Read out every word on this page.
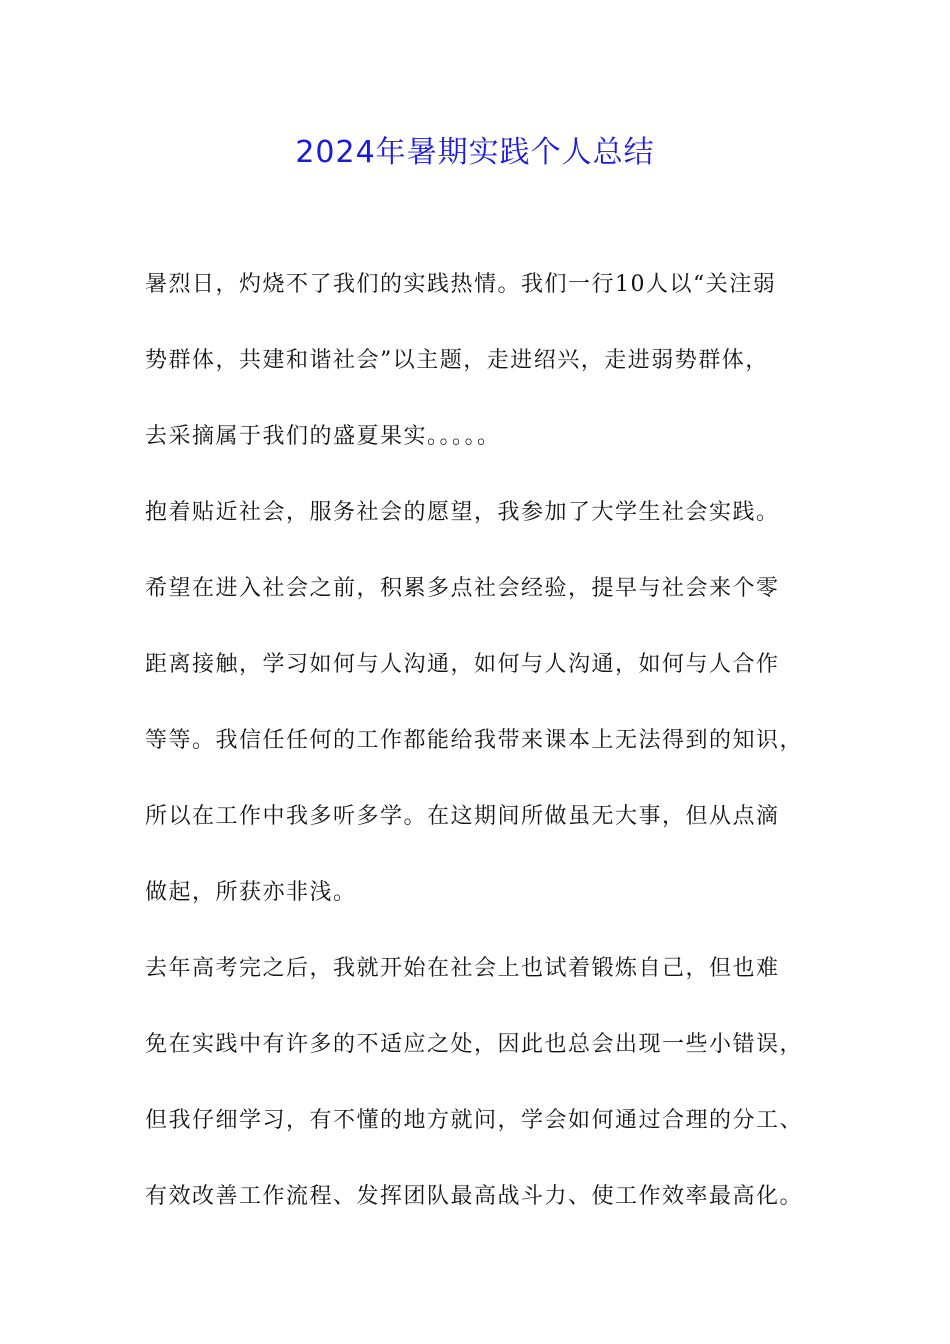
2024年暑期实践个人总结
暑烈日，灼烧不了我们的实践热情。我们一行10人以“关注弱
势群体，共建和谐社会”以主题，走进绍兴，走进弱势群体，
去采摘属于我们的盛夏果实。。。。。
抱着贴近社会，服务社会的愿望，我参加了大学生社会实践。
希望在进入社会之前，积累多点社会经验，提早与社会来个零
距离接触，学习如何与人沟通，如何与人沟通，如何与人合作
等等。我信任任何的工作都能给我带来课本上无法得到的知识，
所以在工作中我多听多学。在这期间所做虽无大事，但从点滴
做起，所获亦非浅。
去年高考完之后，我就开始在社会上也试着锻炼自己，但也难
免在实践中有许多的不适应之处，因此也总会出现一些小错误，
但我仔细学习，有不懂的地方就问，学会如何通过合理的分工、
有效改善工作流程、发挥团队最高战斗力、使工作效率最高化。
